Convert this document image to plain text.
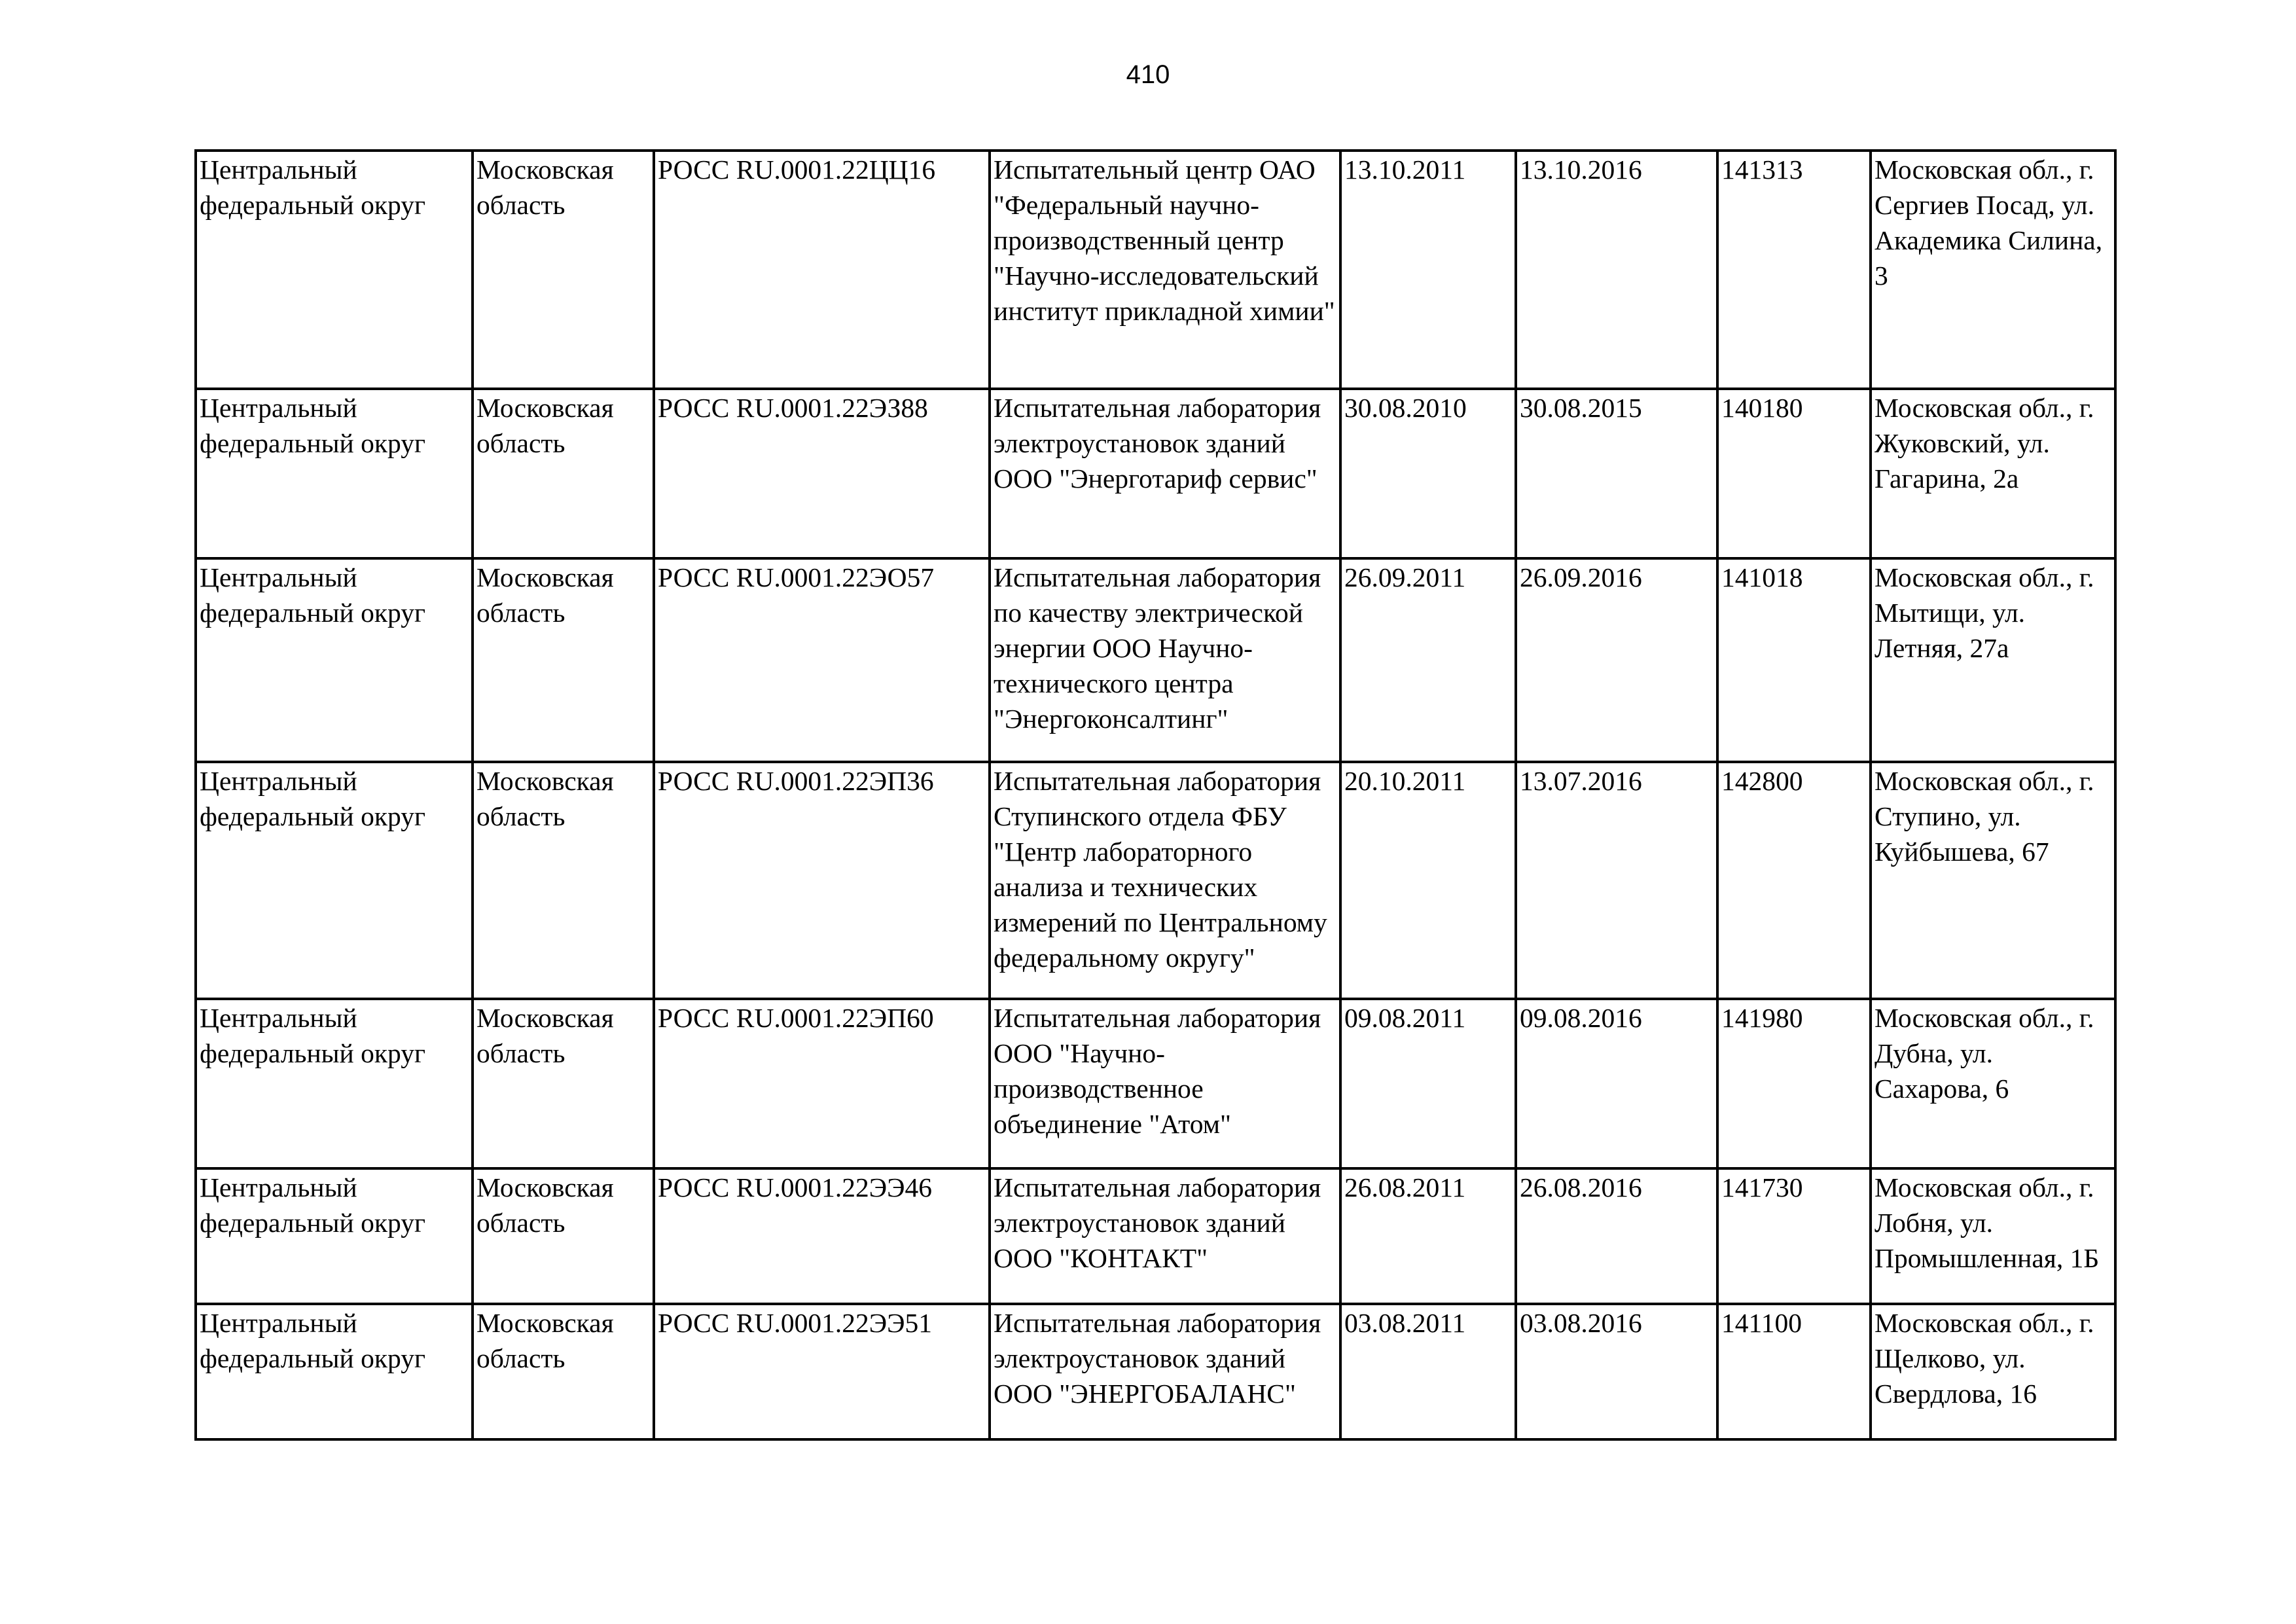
410
Центральный федеральный округ	Московская область	РОСС RU.0001.22ЦЦ16	Испытательный центр ОАО "Федеральный научно-производственный центр "Научно-исследовательский институт прикладной химии"	13.10.2011	13.10.2016	141313	Московская обл., г. Сергиев Посад, ул. Академика Силина, 3
Центральный федеральный округ	Московская область	РОСС RU.0001.22ЭЗ88	Испытательная лаборатория электроустановок зданий ООО "Энерготариф сервис"	30.08.2010	30.08.2015	140180	Московская обл., г. Жуковский, ул. Гагарина, 2а
Центральный федеральный округ	Московская область	РОСС RU.0001.22ЭО57	Испытательная лаборатория по качеству электрической энергии ООО Научно-технического центра "Энергоконсалтинг"	26.09.2011	26.09.2016	141018	Московская обл., г. Мытищи, ул. Летняя, 27а
Центральный федеральный округ	Московская область	РОСС RU.0001.22ЭП36	Испытательная лаборатория Ступинского отдела ФБУ "Центр лабораторного анализа и технических измерений по Центральному федеральному округу"	20.10.2011	13.07.2016	142800	Московская обл., г. Ступино, ул. Куйбышева, 67
Центральный федеральный округ	Московская область	РОСС RU.0001.22ЭП60	Испытательная лаборатория ООО "Научно-производственное объединение "Атом"	09.08.2011	09.08.2016	141980	Московская обл., г. Дубна, ул. Сахарова, 6
Центральный федеральный округ	Московская область	РОСС RU.0001.22ЭЭ46	Испытательная лаборатория электроустановок зданий ООО "КОНТАКТ"	26.08.2011	26.08.2016	141730	Московская обл., г. Лобня, ул. Промышленная, 1Б
Центральный федеральный округ	Московская область	РОСС RU.0001.22ЭЭ51	Испытательная лаборатория электроустановок зданий ООО "ЭНЕРГОБАЛАНС"	03.08.2011	03.08.2016	141100	Московская обл., г. Щелково, ул. Свердлова, 16
